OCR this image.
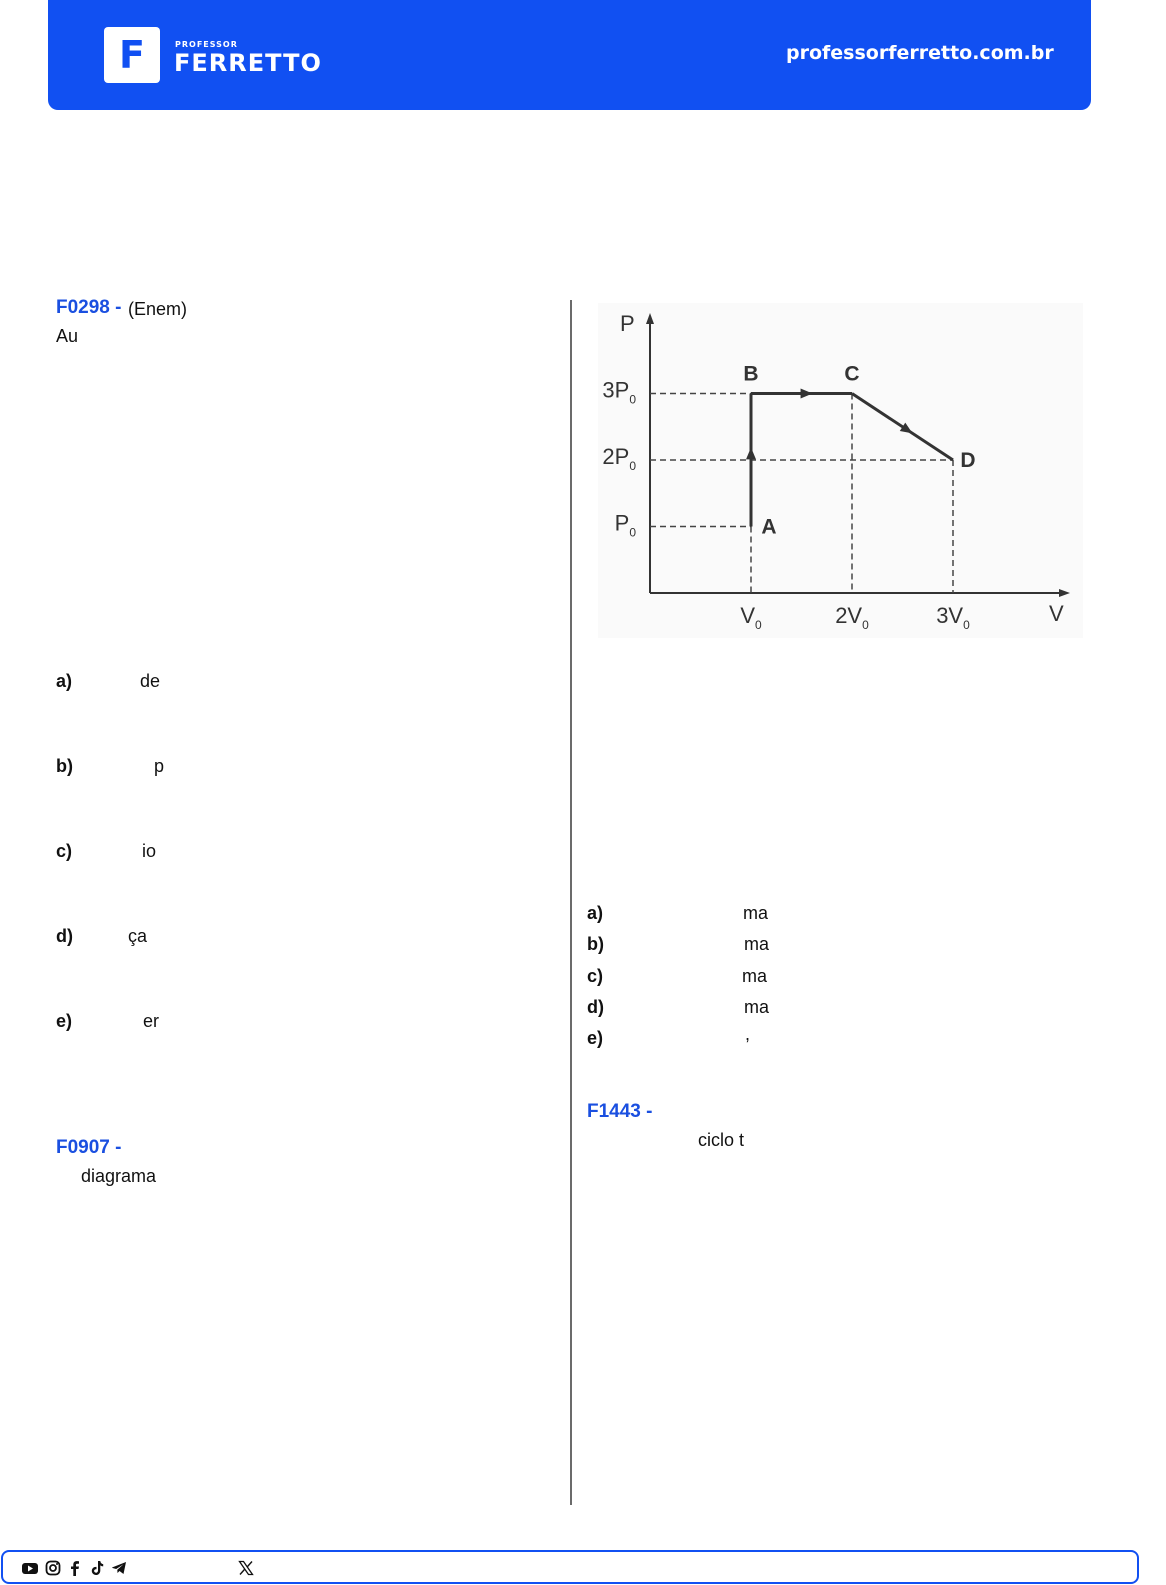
F	PROFESSOR
FERRETTO	professorferretto.com.br
F0298 - (Enem)
Au
a)	de
b)	p
c)	io
d)	ça
e)	er
F0907 -
diagrama
P
V
$V_0$	$2V_0$	$3V_0$
$P_0$
$2P_0$
$3P_0$
A
B	C
D
a)	ma
b)	ma
c)	ma
d)	ma
e)	,
F1443 -
ciclo t
